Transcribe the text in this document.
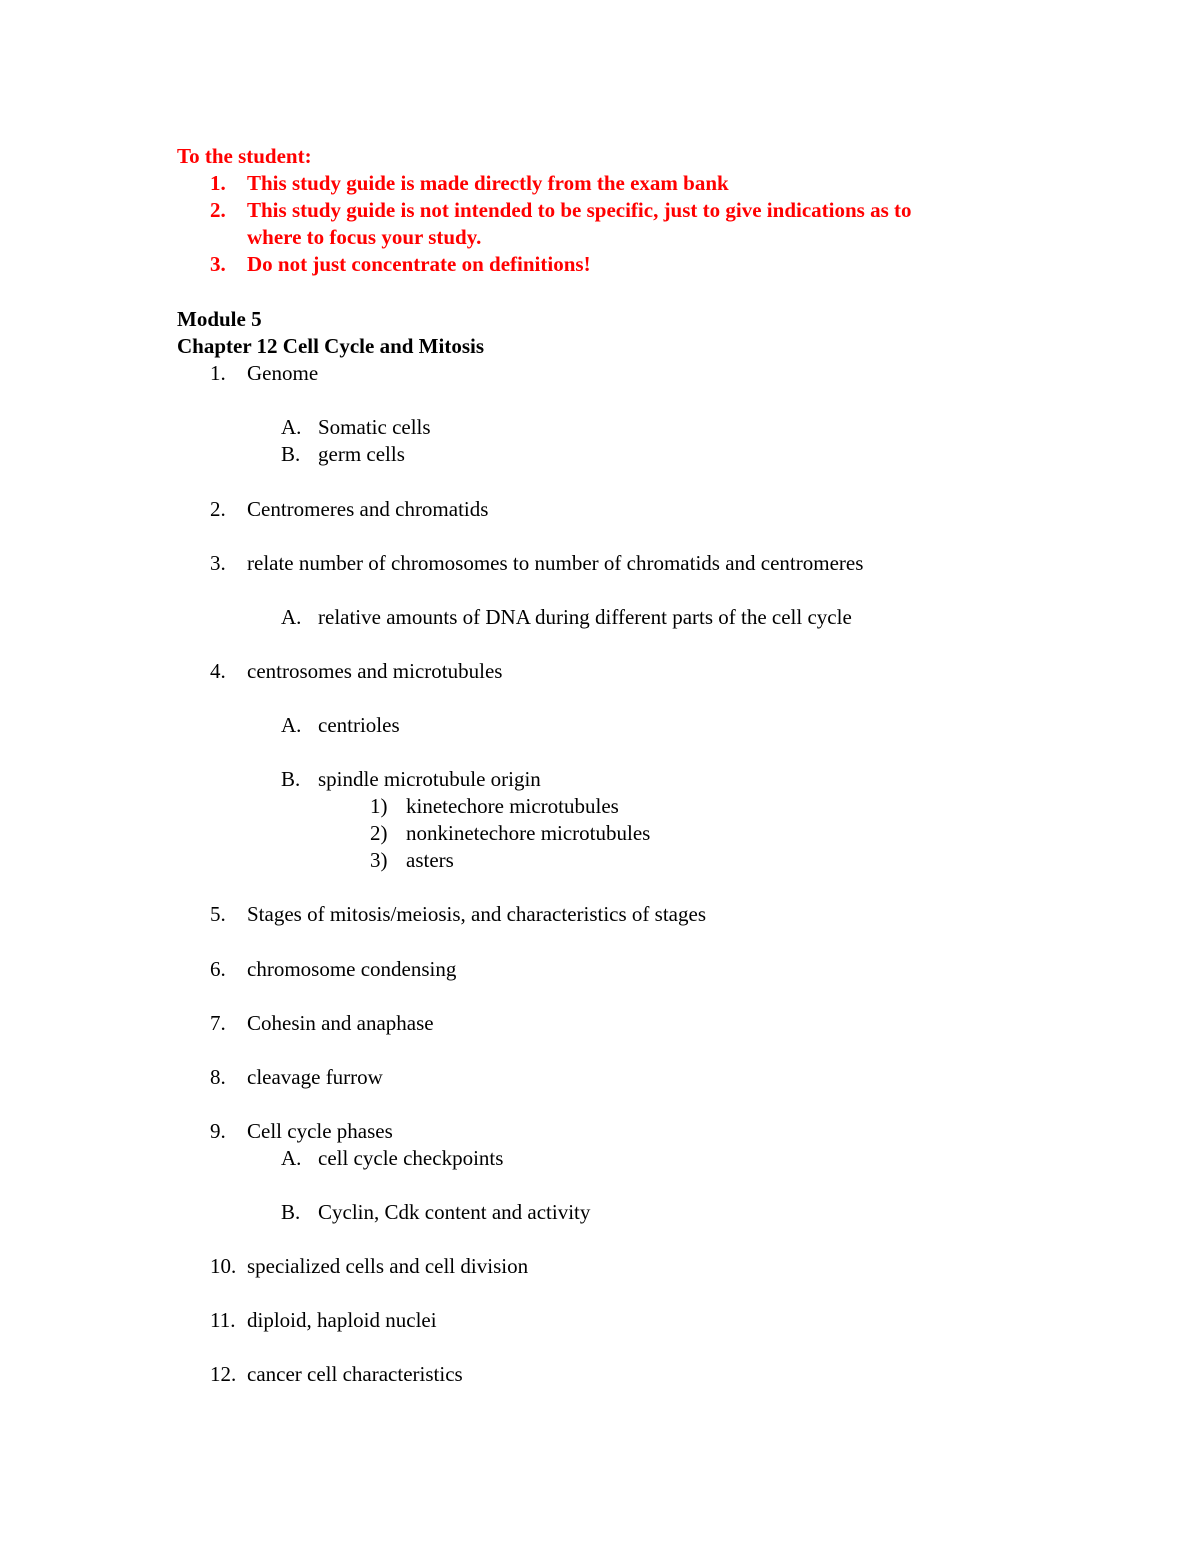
To the student:
1.	This study guide is made directly from the exam bank
2.	This study guide is not intended to be specific, just to give indications as to
where to focus your study.
3.	Do not just concentrate on definitions!
Module 5
Chapter 12 Cell Cycle and Mitosis
1.	Genome
A. Somatic cells
B. germ cells
2.	Centromeres and chromatids
3.	relate number of chromosomes to number of chromatids and centromeres
A. relative amounts of DNA during different parts of the cell cycle
4.	centrosomes and microtubules
A. centrioles
B. spindle microtubule origin
1) kinetechore microtubules
2) nonkinetechore microtubules
3) asters
5.	Stages of mitosis/meiosis, and characteristics of stages
6.	chromosome condensing
7.	Cohesin and anaphase
8.	cleavage furrow
9.	Cell cycle phases
A. cell cycle checkpoints
B. Cyclin, Cdk content and activity
10. specialized cells and cell division
11. diploid, haploid nuclei
12. cancer cell characteristics
